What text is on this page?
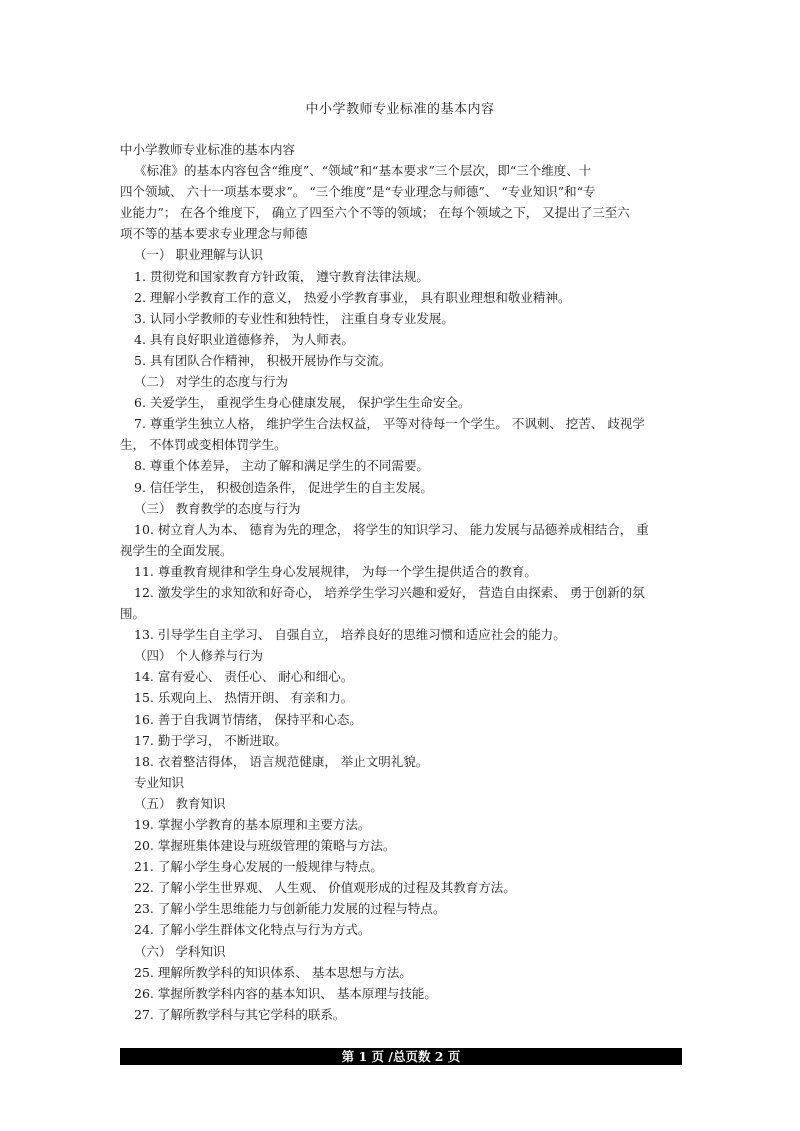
中小学教师专业标准的基本内容
中小学教师专业标准的基本内容
《标准》的基本内容包含“维度”、“领域”和“基本要求”三个层次，即“三个维度、十
四个领域、 六十一项基本要求”。 “三个维度”是“专业理念与师德”、 “专业知识”和“专
业能力”； 在各个维度下， 确立了四至六个不等的领域； 在每个领域之下， 又提出了三至六
项不等的基本要求专业理念与师德
（一） 职业理解与认识
1. 贯彻党和国家教育方针政策， 遵守教育法律法规。
2. 理解小学教育工作的意义， 热爱小学教育事业， 具有职业理想和敬业精神。
3. 认同小学教师的专业性和独特性， 注重自身专业发展。
4. 具有良好职业道德修养， 为人师表。
5. 具有团队合作精神， 积极开展协作与交流。
（二） 对学生的态度与行为
6. 关爱学生， 重视学生身心健康发展， 保护学生生命安全。
7. 尊重学生独立人格， 维护学生合法权益， 平等对待每一个学生。 不讽刺、 挖苦、 歧视学
生， 不体罚或变相体罚学生。
8. 尊重个体差异， 主动了解和满足学生的不同需要。
9. 信任学生， 积极创造条件， 促进学生的自主发展。
（三） 教育教学的态度与行为
10. 树立育人为本、 德育为先的理念， 将学生的知识学习、 能力发展与品德养成相结合， 重
视学生的全面发展。
11. 尊重教育规律和学生身心发展规律， 为每一个学生提供适合的教育。
12. 激发学生的求知欲和好奇心， 培养学生学习兴趣和爱好， 营造自由探索、 勇于创新的氛
围。
13. 引导学生自主学习、 自强自立， 培养良好的思维习惯和适应社会的能力。
（四） 个人修养与行为
14. 富有爱心、 责任心、 耐心和细心。
15. 乐观向上、 热情开朗、 有亲和力。
16. 善于自我调节情绪， 保持平和心态。
17. 勤于学习， 不断进取。
18. 衣着整洁得体， 语言规范健康， 举止文明礼貌。
专业知识
（五） 教育知识
19. 掌握小学教育的基本原理和主要方法。
20. 掌握班集体建设与班级管理的策略与方法。
21. 了解小学生身心发展的一般规律与特点。
22. 了解小学生世界观、 人生观、 价值观形成的过程及其教育方法。
23. 了解小学生思维能力与创新能力发展的过程与特点。
24. 了解小学生群体文化特点与行为方式。
（六） 学科知识
25. 理解所教学科的知识体系、 基本思想与方法。
26. 掌握所教学科内容的基本知识、 基本原理与技能。
27. 了解所教学科与其它学科的联系。
第 1 页 /总页数 2 页
